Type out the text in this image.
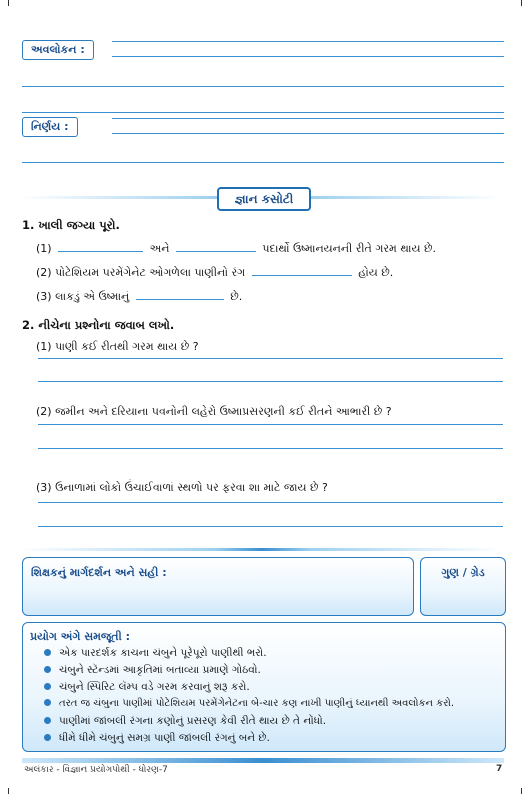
અવલોકન :
નિર્ણય :
જ્ઞાન કસોટી
1. ખાલી જગ્યા પૂરો.
(1)	અને	પદાર્થો ઉષ્માનયનની રીતે ગરમ થાય છે.
(2) પોટેશિયમ પરમેંગેનેટ ઓગળેલા પાણીનો રંગ	હોય છે.
(3) લાકડું એ ઉષ્માનું	છે.
2. નીચેના પ્રશ્નોના જવાબ લખો.
(1) પાણી કઈ રીતથી ગરમ થાય છે ?
(2) જમીન અને દરિયાના પવનોની લહેરો ઉષ્માપ્રસરણની કઈ રીતને આભારી છે ?
(3) ઉનાળામાં લોકો ઉંચાઈવાળાં સ્થળો પર ફરવા શા માટે જાય છે ?
શિક્ષકનું માર્ગદર્શન અને સહી :	ગુણ / ગ્રેડ
પ્રયોગ અંગે સમજૂતી :
એક પારદર્શક કાચના ચંબુને પૂરેપૂરો પાણીથી ભરો.
ચંબુને સ્ટૅન્ડમાં આકૃતિમાં બતાવ્યા પ્રમાણે ગોઠવો.
ચંબુને સ્પિરિટ લૅમ્પ વડે ગરમ કરવાનું શરૂ કરો.
તરત જ ચંબુના પાણીમાં પોટેશિયમ પરમેંગેનેટના બે-ચાર કણ નાખી પાણીનું ધ્યાનથી અવલોકન કરો.
પાણીમાં જાંબલી રંગના કણોનું પ્રસરણ કેવી રીતે થાય છે તે નોંધો.
ધીમે ધીમે ચંબુનું સમગ્ર પાણી જાંબલી રંગનું બને છે.
અલંકાર - વિજ્ઞાન પ્રયોગપોથી - ધોરણ-7	7
